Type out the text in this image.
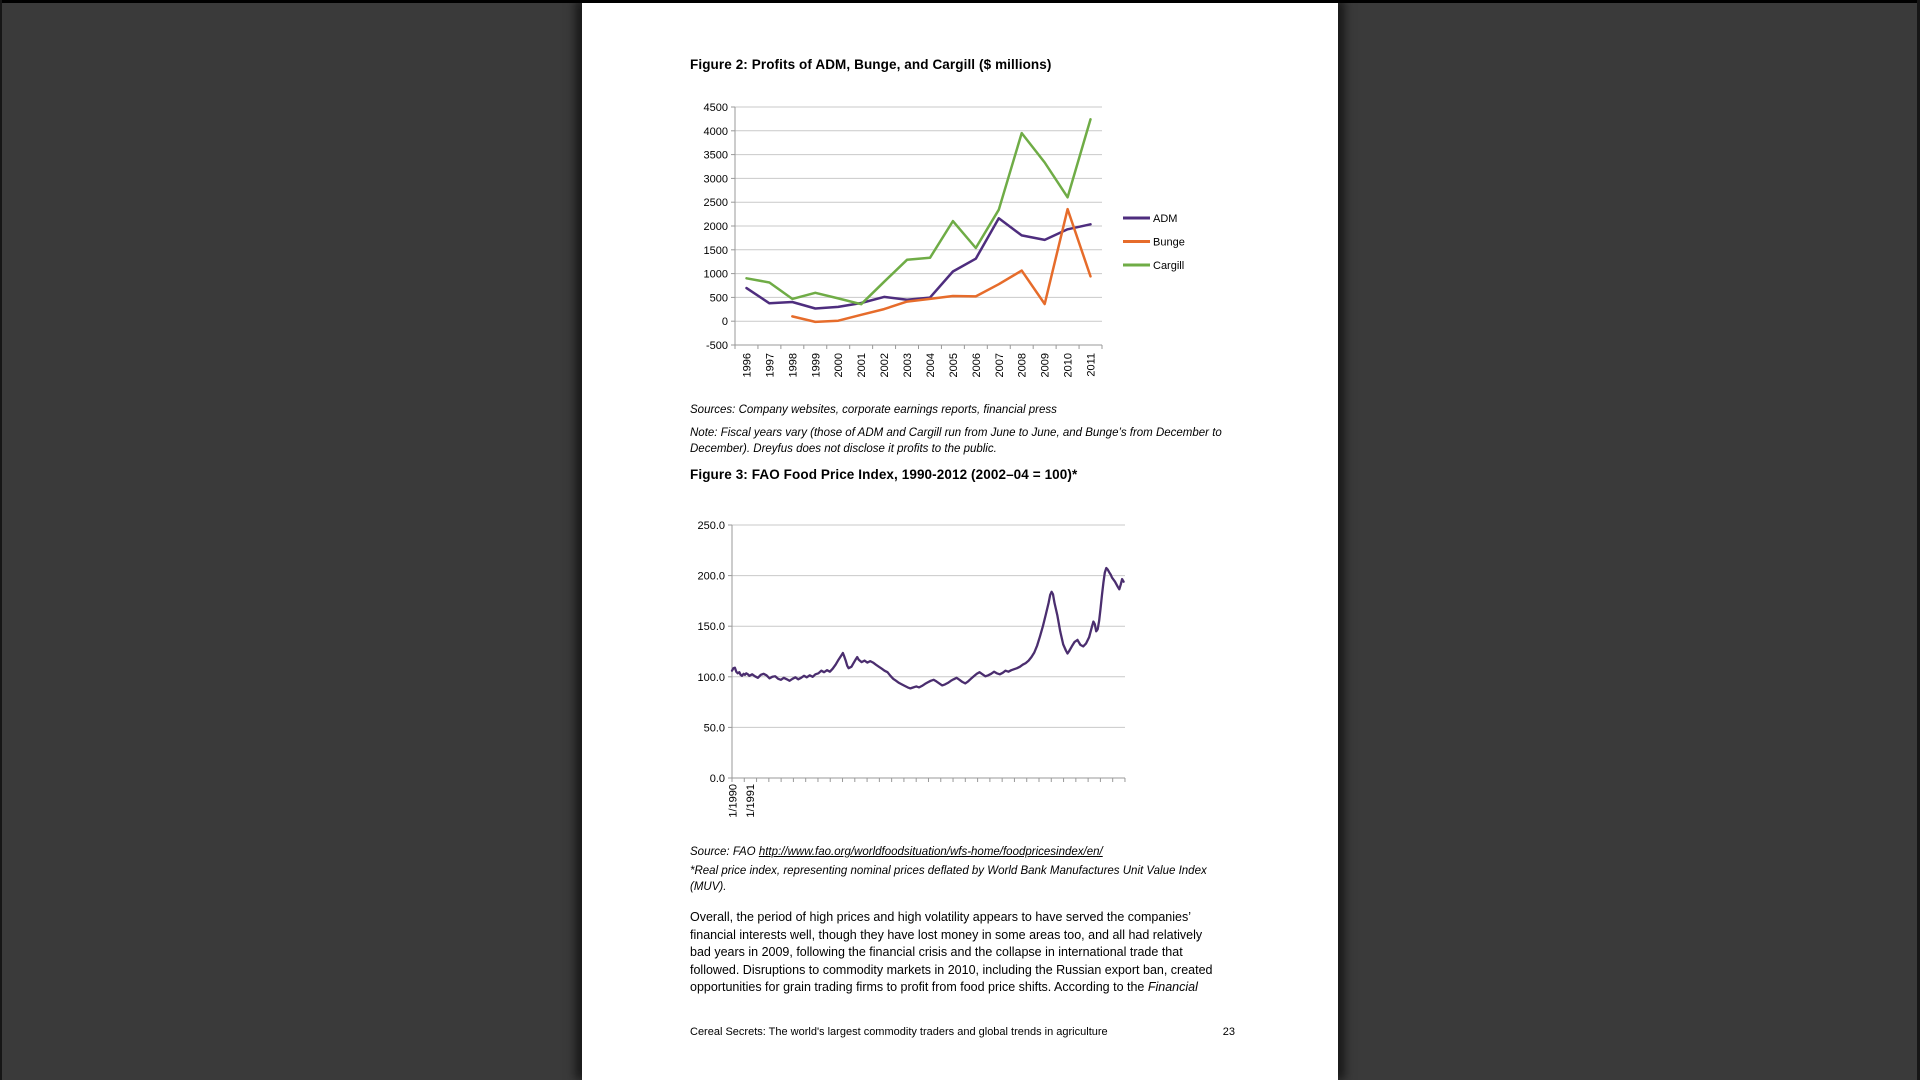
Figure 2: Profits of ADM, Bunge, and Cargill ($ millions)
4500
4000
3500
3000
2500
2000
1500
1000
500
0
-500
1996 1997 1998 1999 2000 2001 2002 2003 2004 2005 2006 2007 2008 2009 2010 2011
ADM
Bunge
Cargill
Sources: Company websites, corporate earnings reports, financial press
Note: Fiscal years vary (those of ADM and Cargill run from June to June, and Bunge’s from December to
December). Dreyfus does not disclose it profits to the public.
Figure 3: FAO Food Price Index, 1990-2012 (2002–04 = 100)*
250.0
200.0
150.0
100.0
50.0
0.0
1/1990 1/1991
Source: FAO http://www.fao.org/worldfoodsituation/wfs-home/foodpricesindex/en/
*Real price index, representing nominal prices deflated by World Bank Manufactures Unit Value Index
(MUV).
Overall, the period of high prices and high volatility appears to have served the companies’
financial interests well, though they have lost money in some areas too, and all had relatively
bad years in 2009, following the financial crisis and the collapse in international trade that
followed. Disruptions to commodity markets in 2010, including the Russian export ban, created
opportunities for grain trading firms to profit from food price shifts. According to the Financial
Cereal Secrets: The world's largest commodity traders and global trends in agriculture	23
